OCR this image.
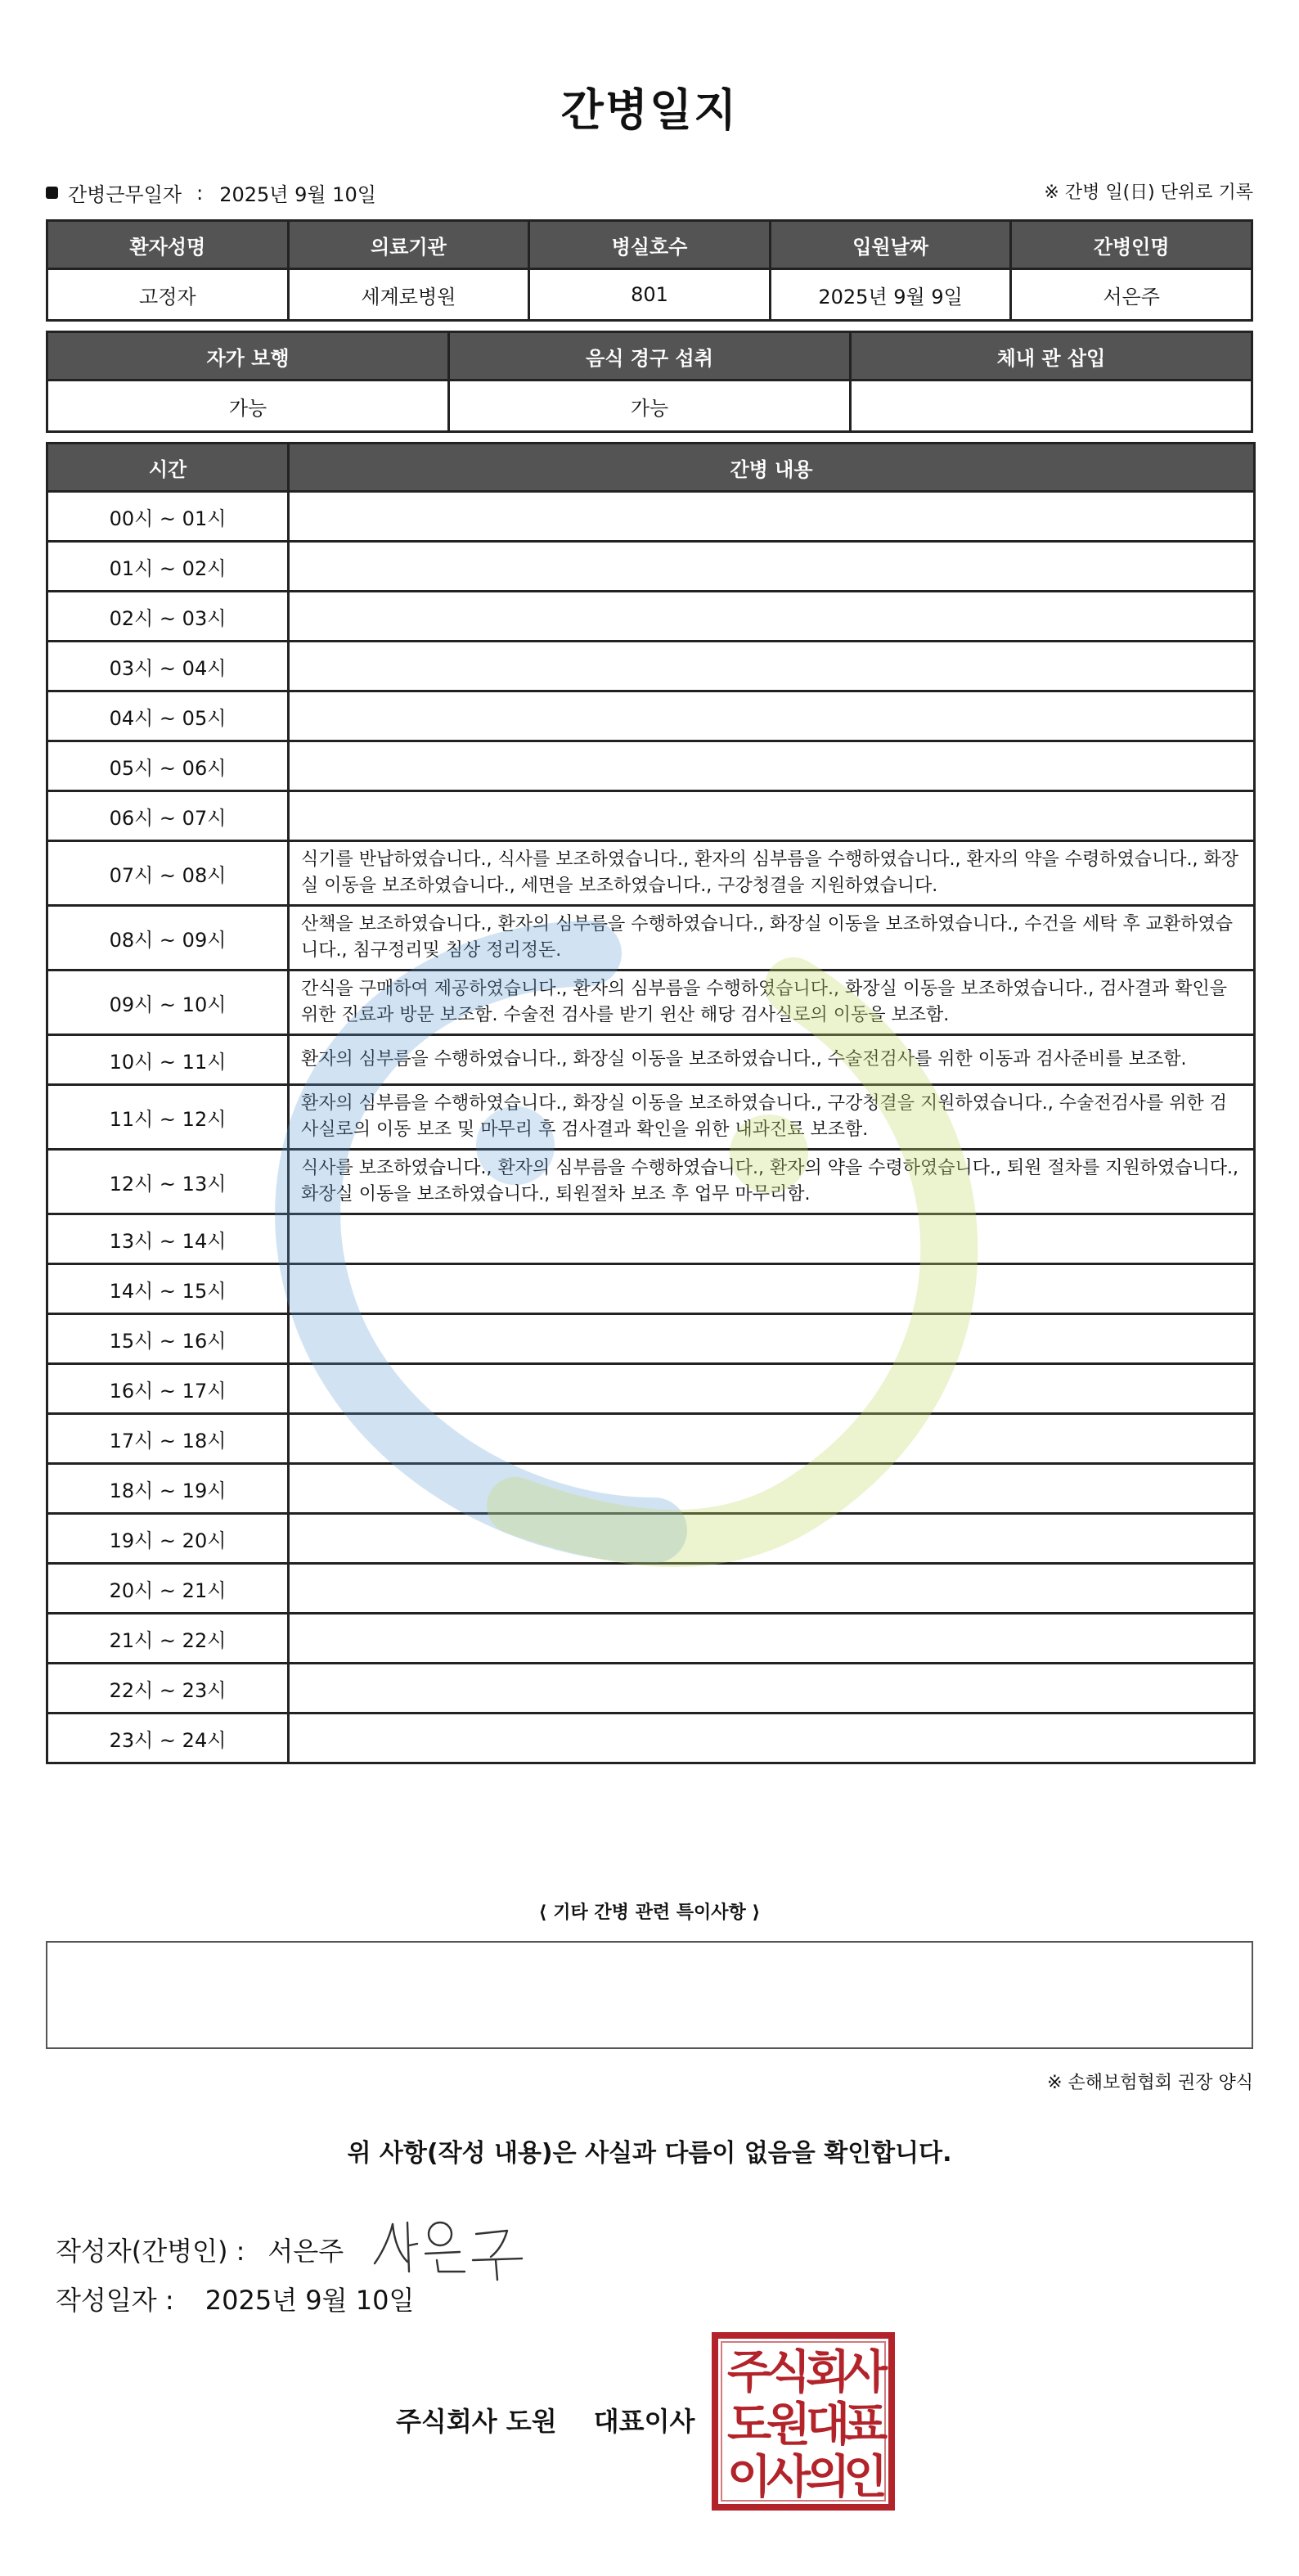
간병일지
간병근무일자 : 2025년 9월 10일	※ 간병 일(日) 단위로 기록
환자성명	의료기관	병실호수	입원날짜	간병인명
고정자	세계로병원	801	2025년 9월 9일	서은주
자가 보행	음식 경구 섭취	체내 관 삽입
가능	가능	
시간	간병 내용
00시 ~ 01시	
01시 ~ 02시	
02시 ~ 03시	
03시 ~ 04시	
04시 ~ 05시	
05시 ~ 06시	
06시 ~ 07시	
07시 ~ 08시	식기를 반납하였습니다., 식사를 보조하였습니다., 환자의 심부름을 수행하였습니다., 환자의 약을 수령하였습니다., 화장실 이동을 보조하였습니다., 세면을 보조하였습니다., 구강청결을 지원하였습니다.
08시 ~ 09시	산책을 보조하였습니다., 환자의 심부름을 수행하였습니다., 화장실 이동을 보조하였습니다., 수건을 세탁 후 교환하였습니다., 침구정리및 침상 정리정돈.
09시 ~ 10시	간식을 구매하여 제공하였습니다., 환자의 심부름을 수행하였습니다., 화장실 이동을 보조하였습니다., 검사결과 확인을 위한 진료과 방문 보조함. 수술전 검사를 받기 윈산 해당 검사실로의 이동을 보조함.
10시 ~ 11시	환자의 심부름을 수행하였습니다., 화장실 이동을 보조하였습니다., 수술전검사를 위한 이동과 검사준비를 보조함.
11시 ~ 12시	환자의 심부름을 수행하였습니다., 화장실 이동을 보조하였습니다., 구강청결을 지원하였습니다., 수술전검사를 위한 검사실로의 이동 보조 및 마무리 후 검사결과 확인을 위한 내과진료 보조함.
12시 ~ 13시	식사를 보조하였습니다., 환자의 심부름을 수행하였습니다., 환자의 약을 수령하였습니다., 퇴원 절차를 지원하였습니다., 화장실 이동을 보조하였습니다., 퇴원절차 보조 후 업무 마무리함.
13시 ~ 14시	
14시 ~ 15시	
15시 ~ 16시	
16시 ~ 17시	
17시 ~ 18시	
18시 ~ 19시	
19시 ~ 20시	
20시 ~ 21시	
21시 ~ 22시	
22시 ~ 23시	
23시 ~ 24시	
⟨ 기타 간병 관련 특이사항 ⟩
※ 손해보험협회 권장 양식
위 사항(작성 내용)은 사실과 다름이 없음을 확인합니다.
작성자(간병인) : 서은주
작성일자 : 2025년 9월 10일
주식회사 도원 대표이사
주
식
회
사
도
원
대
표
이
사
의
인
